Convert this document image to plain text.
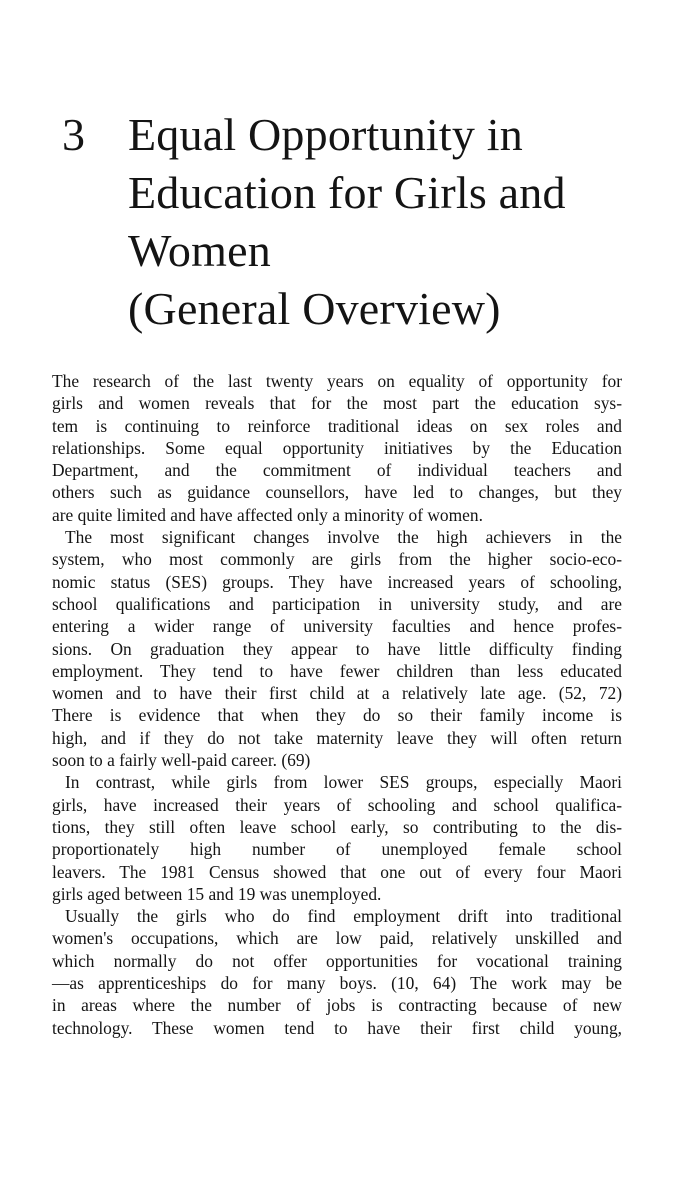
3 Equal Opportunity in
Education for Girls and
Women
(General Overview)
The research of the last twenty years on equality of opportunity for
girls and women reveals that for the most part the education sys-
tem is continuing to reinforce traditional ideas on sex roles and
relationships. Some equal opportunity initiatives by the Education
Department, and the commitment of individual teachers and
others such as guidance counsellors, have led to changes, but they
are quite limited and have affected only a minority of women.
The most significant changes involve the high achievers in the
system, who most commonly are girls from the higher socio-eco-
nomic status (SES) groups. They have increased years of schooling,
school qualifications and participation in university study, and are
entering a wider range of university faculties and hence profes-
sions. On graduation they appear to have little difficulty finding
employment. They tend to have fewer children than less educated
women and to have their first child at a relatively late age. (52, 72)
There is evidence that when they do so their family income is
high, and if they do not take maternity leave they will often return
soon to a fairly well-paid career. (69)
In contrast, while girls from lower SES groups, especially Maori
girls, have increased their years of schooling and school qualifica-
tions, they still often leave school early, so contributing to the dis-
proportionately high number of unemployed female school
leavers. The 1981 Census showed that one out of every four Maori
girls aged between 15 and 19 was unemployed.
Usually the girls who do find employment drift into traditional
women's occupations, which are low paid, relatively unskilled and
which normally do not offer opportunities for vocational training
—as apprenticeships do for many boys. (10, 64) The work may be
in areas where the number of jobs is contracting because of new
technology. These women tend to have their first child young,
